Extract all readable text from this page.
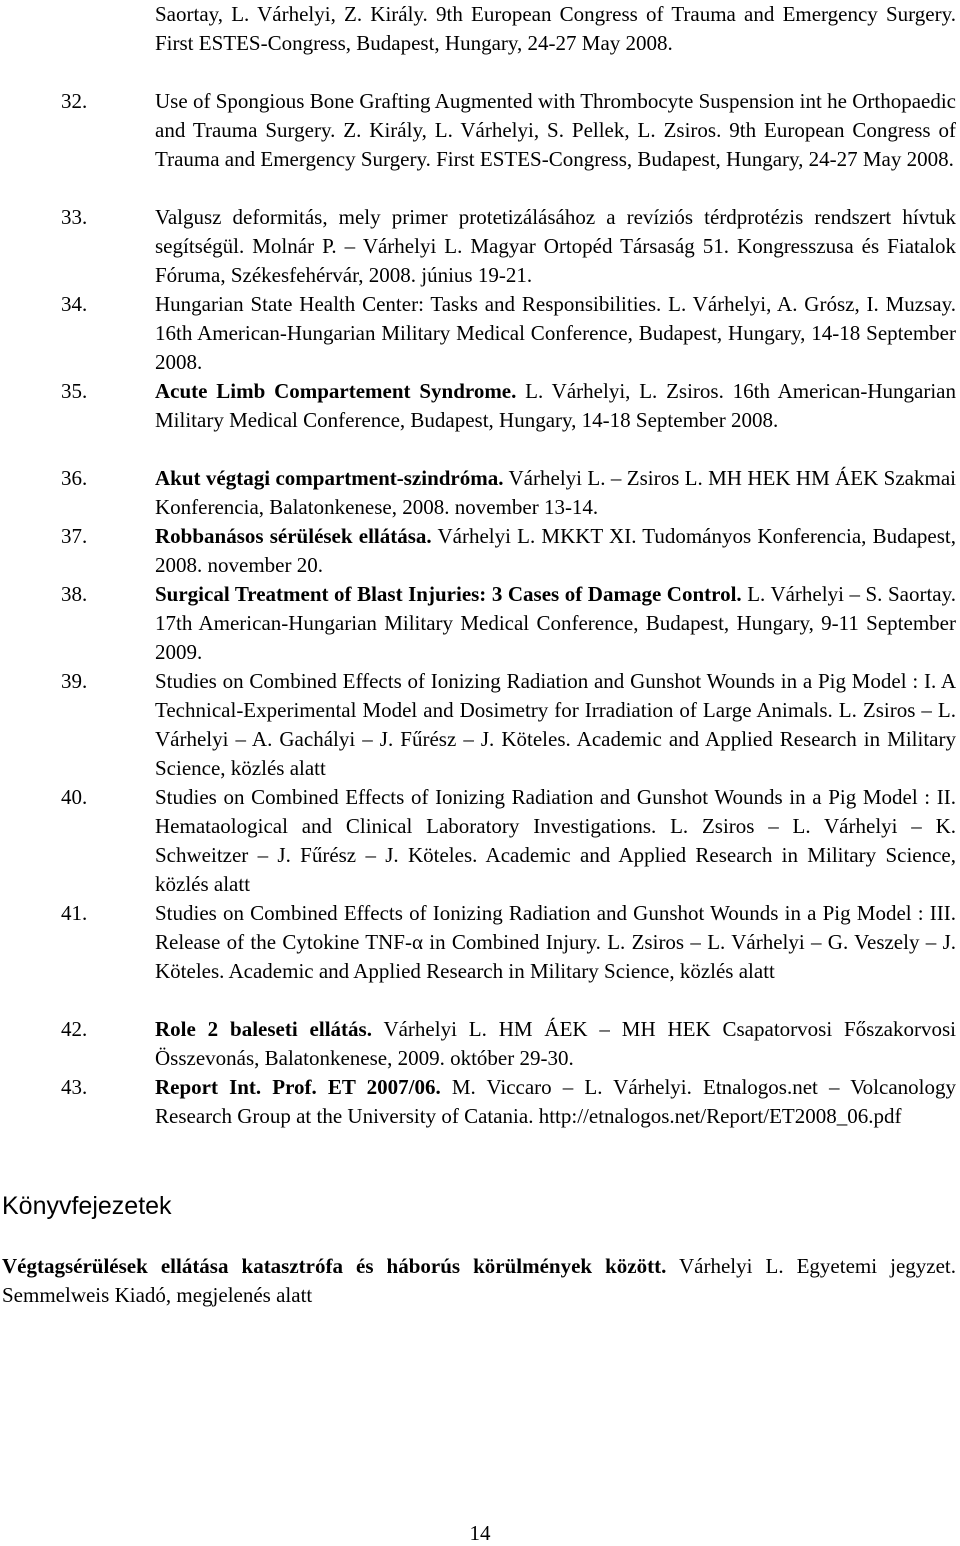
Saortay, L. Várhelyi, Z. Király. 9th European Congress of Trauma and Emergency Surgery. First ESTES-Congress, Budapest, Hungary, 24-27 May 2008.
32.	Use of Spongious Bone Grafting Augmented with Thrombocyte Suspension int he Orthopaedic and Trauma Surgery. Z. Király, L. Várhelyi, S. Pellek, L. Zsiros. 9th European Congress of Trauma and Emergency Surgery. First ESTES-Congress, Budapest, Hungary, 24-27 May 2008.
33.	Valgusz deformitás, mely primer protetizálásához a revíziós térdprotézis rendszert hívtuk segítségül. Molnár P. – Várhelyi L. Magyar Ortopéd Társaság 51. Kongresszusa és Fiatalok Fóruma, Székesfehérvár, 2008. június 19-21.
34.	Hungarian State Health Center: Tasks and Responsibilities. L. Várhelyi, A. Grósz, I. Muzsay. 16th American-Hungarian Military Medical Conference, Budapest, Hungary, 14-18 September 2008.
35.	Acute Limb Compartement Syndrome. L. Várhelyi, L. Zsiros. 16th American-Hungarian Military Medical Conference, Budapest, Hungary, 14-18 September 2008.
36.	Akut végtagi compartment-szindróma. Várhelyi L. – Zsiros L. MH HEK HM ÁEK Szakmai Konferencia, Balatonkenese, 2008. november 13-14.
37.	Robbanásos sérülések ellátása. Várhelyi L. MKKT XI. Tudományos Konferencia, Budapest, 2008. november 20.
38.	Surgical Treatment of Blast Injuries: 3 Cases of Damage Control. L. Várhelyi – S. Saortay. 17th American-Hungarian Military Medical Conference, Budapest, Hungary, 9-11 September 2009.
39.	Studies on Combined Effects of Ionizing Radiation and Gunshot Wounds in a Pig Model : I. A Technical-Experimental Model and Dosimetry for Irradiation of Large Animals. L. Zsiros – L. Várhelyi – A. Gachályi – J. Fűrész – J. Köteles. Academic and Applied Research in Military Science, közlés alatt
40.	Studies on Combined Effects of Ionizing Radiation and Gunshot Wounds in a Pig Model : II. Hemataological and Clinical Laboratory Investigations. L. Zsiros – L. Várhelyi – K. Schweitzer – J. Fűrész – J. Köteles. Academic and Applied Research in Military Science, közlés alatt
41.	Studies on Combined Effects of Ionizing Radiation and Gunshot Wounds in a Pig Model : III. Release of the Cytokine TNF-α in Combined Injury. L. Zsiros – L. Várhelyi – G. Veszely – J. Köteles. Academic and Applied Research in Military Science, közlés alatt
42.	Role 2 baleseti ellátás. Várhelyi L. HM ÁEK – MH HEK Csapatorvosi Főszakorvosi Összevonás, Balatonkenese, 2009. október 29-30.
43.	Report Int. Prof. ET 2007/06. M. Viccaro – L. Várhelyi. Etnalogos.net – Volcanology Research Group at the University of Catania. http://etnalogos.net/Report/ET2008_06.pdf
Könyvfejezetek
Végtagsérülések ellátása katasztrófa és háborús körülmények között. Várhelyi L. Egyetemi jegyzet. Semmelweis Kiadó, megjelenés alatt
14
